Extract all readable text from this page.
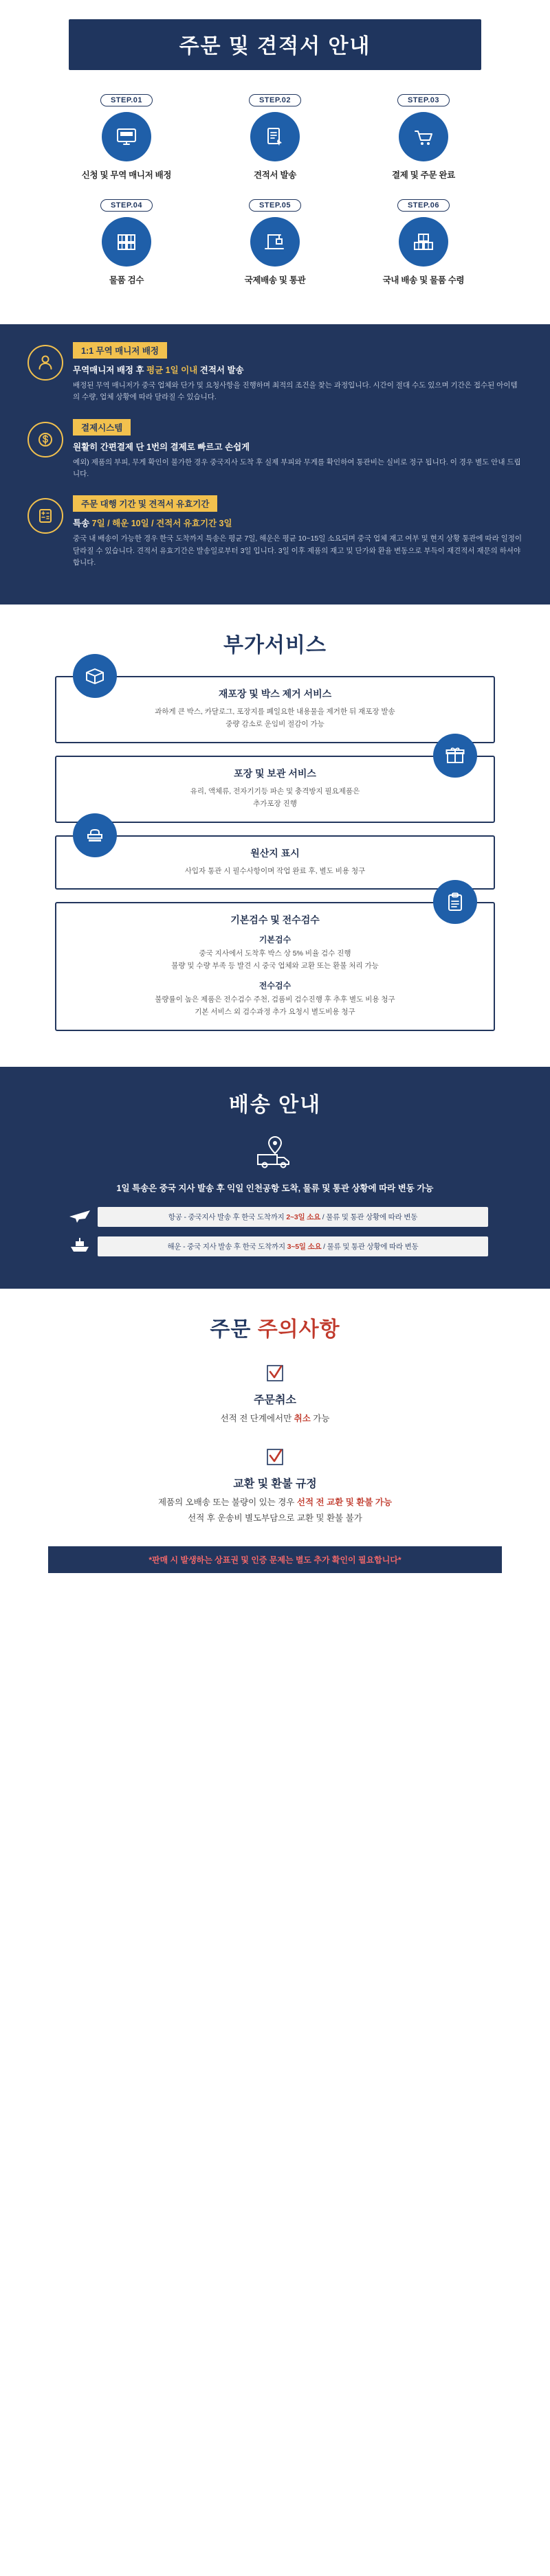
주문 및 견적서 안내
STEP.01
신청 및 무역 매니저 배정
STEP.02
견적서 발송
STEP.03
결제 및 주문 완료
STEP.04
물품 검수
STEP.05
국제배송 및 통관
STEP.06
국내 배송 및 물품 수령
1:1 무역 매니저 배정
무역매니저 배정 후 평균 1일 이내 견적서 발송
배정된 무역 매니저가 중국 업체와 단가 및 요청사항을 진행하며 최적의 조건을 찾는 과정입니다. 시간이 절대 수도 있으며 기간은 접수된 아이템의 수량, 업체 상황에 따라 달라질 수 있습니다.
결제시스템
원활히 간편결제 단 1번의 결제로 빠르고 손쉽게
예외) 제품의 부피, 무게 확인이 불가한 경우 중국지사 도착 후 실제 부피와 무게를 확인하여 통관비는 실비로 정구 됩니다. 이 경우 별도 안내 드립니다.
주문 대행 기간 및 견적서 유효기간
특송 7일 / 해운 10일 / 견적서 유효기간 3일
중국 내 배송이 가능한 경우 한국 도착까지 특송은 평균 7일, 해운은 평균 10~15일 소요되며 중국 업체 재고 여부 및 현지 상황 통관에 따라 일정이 달라질 수 있습니다. 견적서 유효기간은 발송일로부터 3일 입니다. 3일 이후 제품의 재고 및 단가와 환율 변동으로 부득이 재견적서 재문의 하셔야 합니다.
부가서비스
재포장 및 박스 제거 서비스
과하게 큰 박스, 카달로그, 포장지를 폐일요한 내용물을 제거한 뒤 재포장 발송
중량 감소로 운임비 절감이 가능
포장 및 보관 서비스
유리, 액체류, 전자기기등 파손 및 충격방지 필요제품은
추가포장 진행
원산지 표시
사입자 통관 시 필수사항이며 작업 완료 후, 별도 비용 청구
기본검수 및 전수검수
기본검수
중국 지사에서 도착후 박스 상 5% 비율 검수 진행
불량 및 수량 부족 등 발견 시 중국 업체와 교환 또는 환불 처리 가능
전수검수
불량률이 높은 제품은 전수검수 주천, 검품비 검수진행 후 추후 별도 비용 청구
기본 서비스 외 검수과정 추가 요청시 별도비용 청구
배송 안내
1일 특송은 중국 지사 발송 후 익일 인천공항 도착, 물류 및 통관 상황에 따라 변동 가능
항공 - 중국지사 발송 후 한국 도착까지 2~3일 소요 / 물류 및 통관 상황에 따라 변동
해운 - 중국 지사 발송 후 한국 도착까지 3~5일 소요 / 물류 및 통관 상황에 따라 변동
주문 주의사항
주문취소
선적 전 단계에서만 취소 가능
교환 및 환불 규정
제품의 오배송 또는 불량이 있는 경우 선적 전 교환 및 환불 가능
선적 후 운송비 별도부담으로 교환 및 환불 불가
*판매 시 발생하는 상표권 및 인증 문제는 별도 추가 확인이 필요합니다*
